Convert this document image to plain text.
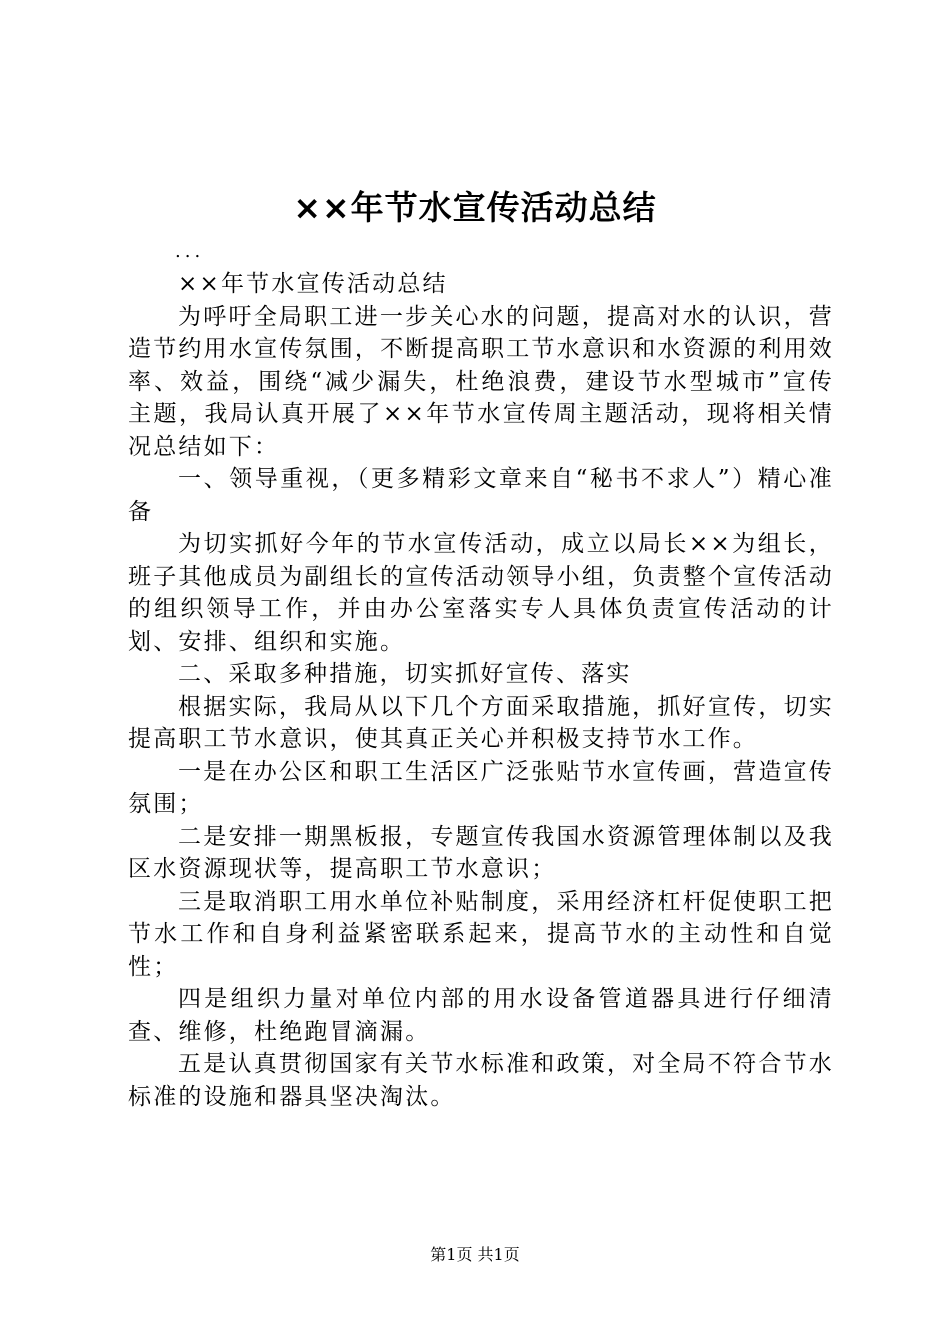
××年节水宣传活动总结
...

××年节水宣传活动总结

为呼吁全局职工进一步关心水的问题，提高对水的认识，营造节约用水宣传氛围，不断提高职工节水意识和水资源的利用效率、效益，围绕“减少漏失，杜绝浪费，建设节水型城市”宣传主题，我局认真开展了××年节水宣传周主题活动，现将相关情况总结如下：

一、领导重视，（更多精彩文章来自“秘书不求人”）精心准备

为切实抓好今年的节水宣传活动，成立以局长××为组长，班子其他成员为副组长的宣传活动领导小组，负责整个宣传活动的组织领导工作，并由办公室落实专人具体负责宣传活动的计划、安排、组织和实施。

二、采取多种措施，切实抓好宣传、落实

根据实际，我局从以下几个方面采取措施，抓好宣传，切实提高职工节水意识，使其真正关心并积极支持节水工作。

一是在办公区和职工生活区广泛张贴节水宣传画，营造宣传氛围；

二是安排一期黑板报，专题宣传我国水资源管理体制以及我区水资源现状等，提高职工节水意识；

三是取消职工用水单位补贴制度，采用经济杠杆促使职工把节水工作和自身利益紧密联系起来，提高节水的主动性和自觉性；

四是组织力量对单位内部的用水设备管道器具进行仔细清查、维修，杜绝跑冒滴漏。

五是认真贯彻国家有关节水标准和政策，对全局不符合节水标准的设施和器具坚决淘汰。

第1页 共1页
